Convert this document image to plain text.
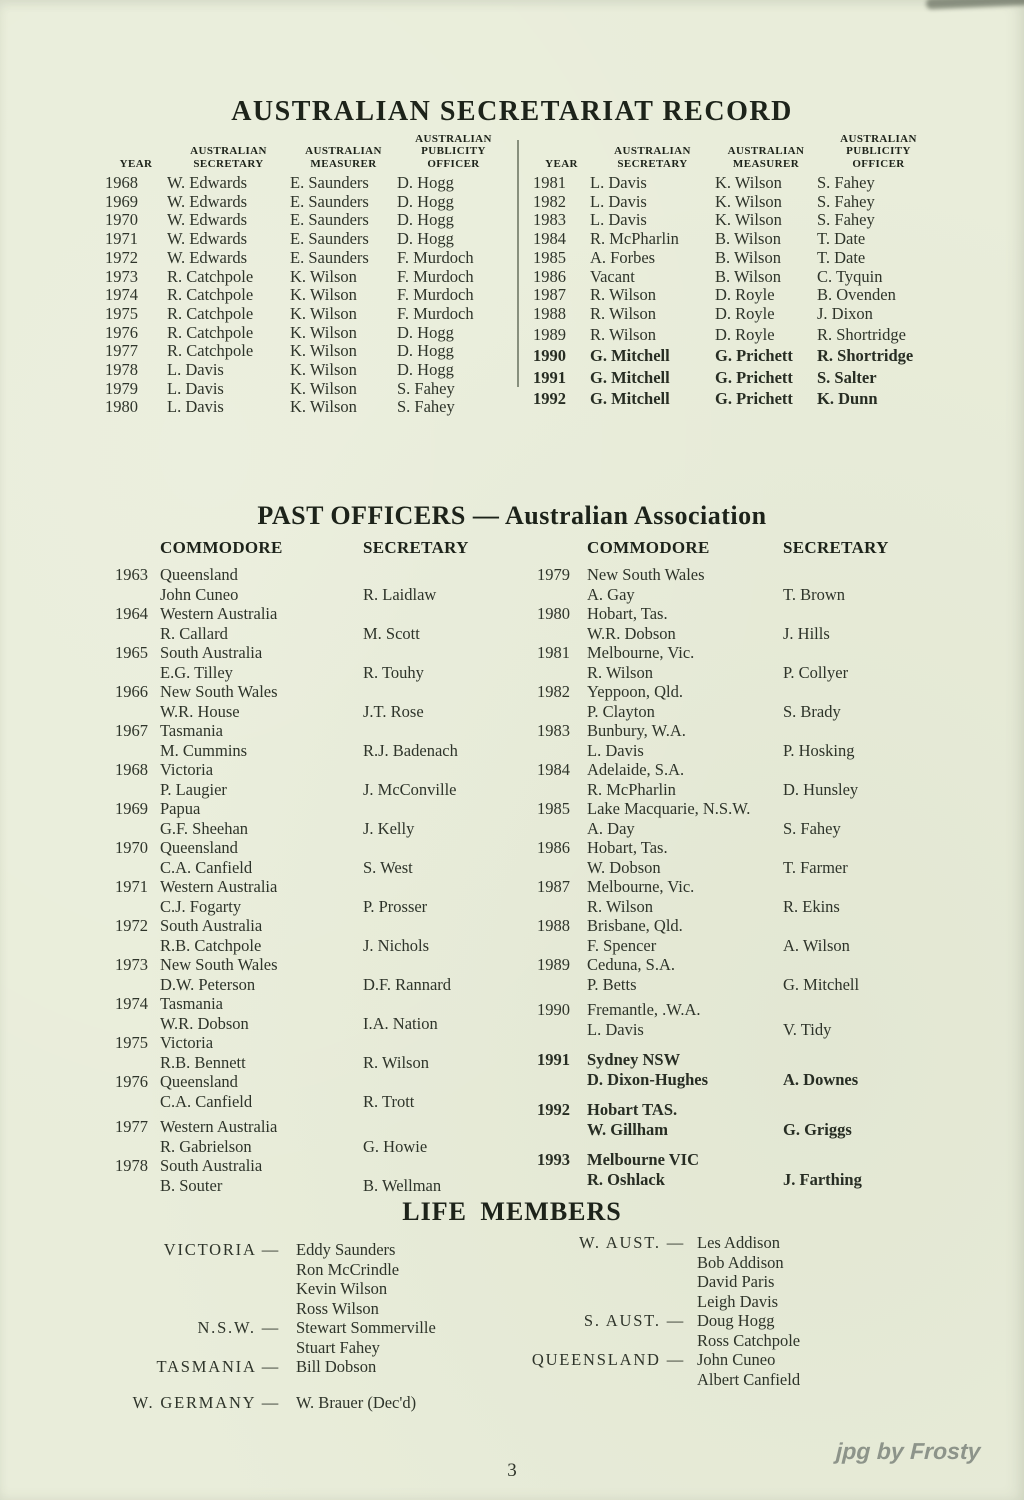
AUSTRALIAN SECRETARIAT RECORD
YEAR
AUSTRALIAN
SECRETARY
AUSTRALIAN
MEASURER
AUSTRALIAN
PUBLICITY
OFFICER
1968	W. Edwards	E. Saunders	D. Hogg
1969	W. Edwards	E. Saunders	D. Hogg
1970	W. Edwards	E. Saunders	D. Hogg
1971	W. Edwards	E. Saunders	D. Hogg
1972	W. Edwards	E. Saunders	F. Murdoch
1973	R. Catchpole	K. Wilson	F. Murdoch
1974	R. Catchpole	K. Wilson	F. Murdoch
1975	R. Catchpole	K. Wilson	F. Murdoch
1976	R. Catchpole	K. Wilson	D. Hogg
1977	R. Catchpole	K. Wilson	D. Hogg
1978	L. Davis	K. Wilson	D. Hogg
1979	L. Davis	K. Wilson	S. Fahey
1980	L. Davis	K. Wilson	S. Fahey
YEAR
AUSTRALIAN
SECRETARY
AUSTRALIAN
MEASURER
AUSTRALIAN
PUBLICITY
OFFICER
1981	L. Davis	K. Wilson	S. Fahey
1982	L. Davis	K. Wilson	S. Fahey
1983	L. Davis	K. Wilson	S. Fahey
1984	R. McPharlin	B. Wilson	T. Date
1985	A. Forbes	B. Wilson	T. Date
1986	Vacant	B. Wilson	C. Tyquin
1987	R. Wilson	D. Royle	B. Ovenden
1988	R. Wilson	D. Royle	J. Dixon
1989	R. Wilson	D. Royle	R. Shortridge
1990	G. Mitchell	G. Prichett	R. Shortridge
1991	G. Mitchell	G. Prichett	S. Salter
1992	G. Mitchell	G. Prichett	K. Dunn
PAST OFFICERS — Australian Association
COMMODORE	SECRETARY
1963 Queensland
John Cuneo	R. Laidlaw
1964 Western Australia
R. Callard	M. Scott
1965 South Australia
E.G. Tilley	R. Touhy
1966 New South Wales
W.R. House	J.T. Rose
1967 Tasmania
M. Cummins	R.J. Badenach
1968 Victoria
P. Laugier	J. McConville
1969 Papua
G.F. Sheehan	J. Kelly
1970 Queensland
C.A. Canfield	S. West
1971 Western Australia
C.J. Fogarty	P. Prosser
1972 South Australia
R.B. Catchpole	J. Nichols
1973 New South Wales
D.W. Peterson	D.F. Rannard
1974 Tasmania
W.R. Dobson	I.A. Nation
1975 Victoria
R.B. Bennett	R. Wilson
1976 Queensland
C.A. Canfield	R. Trott
1977 Western Australia
R. Gabrielson	G. Howie
1978 South Australia
B. Souter	B. Wellman
COMMODORE	SECRETARY
1979	New South Wales
A. Gay	T. Brown
1980	Hobart, Tas.
W.R. Dobson	J. Hills
1981	Melbourne, Vic.
R. Wilson	P. Collyer
1982	Yeppoon, Qld.
P. Clayton	S. Brady
1983	Bunbury, W.A.
L. Davis	P. Hosking
1984	Adelaide, S.A.
R. McPharlin	D. Hunsley
1985	Lake Macquarie, N.S.W.
A. Day	S. Fahey
1986	Hobart, Tas.
W. Dobson	T. Farmer
1987	Melbourne, Vic.
R. Wilson	R. Ekins
1988	Brisbane, Qld.
F. Spencer	A. Wilson
1989	Ceduna, S.A.
P. Betts	G. Mitchell
1990	Fremantle, .W.A.
L. Davis	V. Tidy
1991	Sydney NSW
D. Dixon-Hughes	A. Downes
1992	Hobart TAS.
W. Gillham	G. Griggs
1993	Melbourne VIC
R. Oshlack	J. Farthing
LIFE MEMBERS
VICTORIA — Eddy Saunders
Ron McCrindle
Kevin Wilson
Ross Wilson
N.S.W. — Stewart Sommerville
Stuart Fahey
TASMANIA — Bill Dobson
W. GERMANY — W. Brauer (Dec'd)
W. AUST. — Les Addison
Bob Addison
David Paris
Leigh Davis
S. AUST. — Doug Hogg
Ross Catchpole
QUEENSLAND — John Cuneo
Albert Canfield
jpg by Frosty
3
